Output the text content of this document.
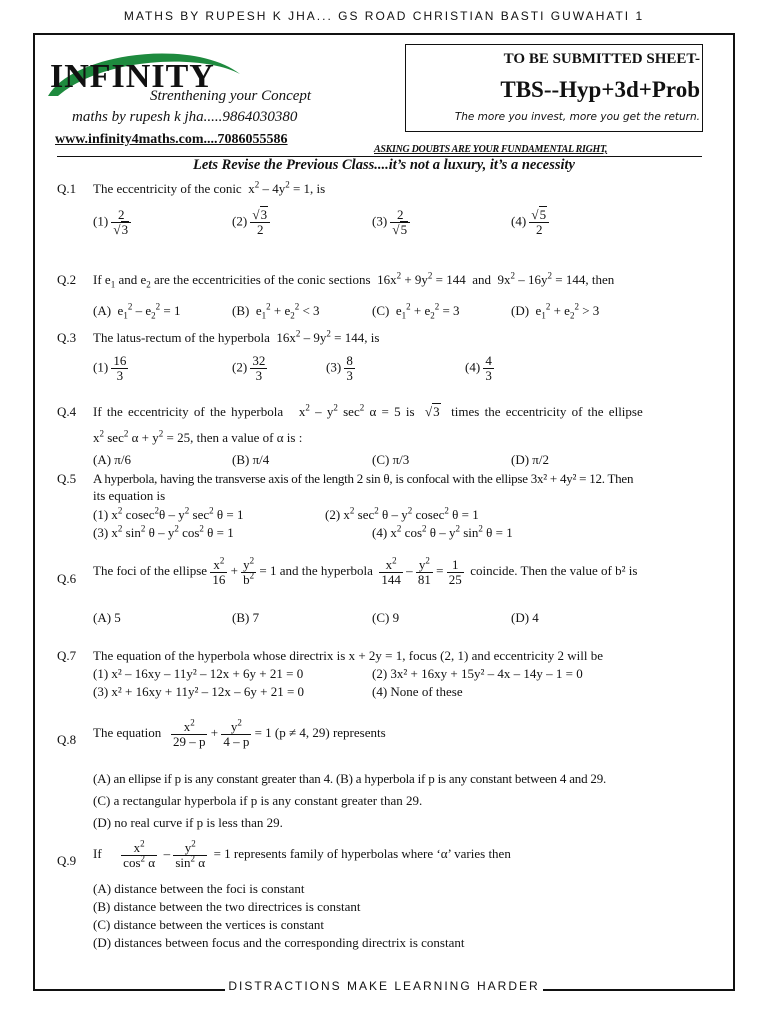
MATHS BY RUPESH K JHA... GS ROAD CHRISTIAN BASTI GUWAHATI 1
INFINITY
Strenthening your Concept
maths by rupesh k jha.....9864030380
www.infinity4maths.com....7086055586
TO BE SUBMITTED SHEET-
TBS--Hyp+3d+Prob
The more you invest, more you get the return.
ASKING DOUBTS ARE YOUR FUNDAMENTAL RIGHT,
Lets Revise the Previous Class....it’s not a luxury, it’s a necessity
Q.1 The eccentricity of the conic  $x^2 - 4y^2 = 1$, is
$(1) \frac{2}{√3}$	$(2) \frac{√3}{2}$	$(3) \frac{2}{√5}$	$(4) \frac{√5}{2}$
Q.2 If $e_1$ and $e_2$ are the eccentricities of the conic sections  $16x^2 + 9y^2 = 144$  and  $9x^2 - 16y^2 = 144$, then
(A)  $e_1^2 - e_2^2 = 1$	(B)  $e_1^2 + e_2^2 < 3$	(C)  $e_1^2 + e_2^2 = 3$	(D)  $e_1^2 + e_2^2 > 3$
Q.3 The latus-rectum of the hyperbola  $16x^2 - 9y^2 = 144$, is
$(1) \frac{16}{3}$	$(2) \frac{32}{3}$	$(3) \frac{8}{3}$	$(4) \frac{4}{3}$
Q.4 If the eccentricity of the hyperbola   $x^2 - y^2$ $\sec^2 \alpha = 5$ is  √3 times the eccentricity of the ellipse
$x^2$ $\sec^2 \alpha + y^2 = 25$, then a value of α is :
(A) π/6	(B) π/4	(C) π/3	(D) π/2
Q.5 A hyperbola, having the transverse axis of the length 2 sin θ, is confocal with the ellipse 3x² + 4y² = 12. Then
its equation is
(1) $x^2$ $cosec^2\theta - y^2$ $\sec^2 \theta = 1$	(2) $x^2$ $\sec^2 \theta - y^2$ cosec$^2$ θ = 1
(3) $x^2$ $\sin^2 \theta - y^2$ $\cos^2 \theta = 1$	(4) $x^2$ $\cos^2 \theta - y^2$ $\sin^2 \theta = 1$
Q.6
The foci of the ellipse $\frac{x^2}{16} + \frac{y^2}{b^2} = 1$ and the hyperbola $\frac{x^2}{144} - \frac{y^2}{81} = \frac{1}{25}$ coincide. Then the value of b² is
(A) 5	(B) 7	(C) 9	(D) 4
Q.7 The equation of the hyperbola whose directrix is x + 2y = 1, focus (2, 1) and eccentricity 2 will be
(1) x² – 16xy – 11y² – 12x + 6y + 21 = 0	(2) 3x² + 16xy + 15y² – 4x – 14y – 1 = 0
(3) x² + 16xy + 11y² – 12x – 6y + 21 = 0	(4) None of these
Q.8 The equation $\frac{x^2}{29 - p} + \frac{y^2}{4 - p} = 1$ (p ≠ 4, 29) represents
(A) an ellipse if p is any constant greater than 4. (B) a hyperbola if p is any constant between 4 and 29.
(C) a rectangular hyperbola if p is any constant greater than 29.
(D) no real curve if p is less than 29.
Q.9 If $\frac{x^2}{\cos^2 \alpha} - \frac{y^2}{\sin^2 \alpha} = 1$ represents family of hyperbolas where ‘α’ varies then
(A) distance between the foci is constant
(B) distance between the two directrices is constant
(C) distance between the vertices is constant
(D) distances between focus and the corresponding directrix is constant
DISTRACTIONS MAKE LEARNING HARDER
